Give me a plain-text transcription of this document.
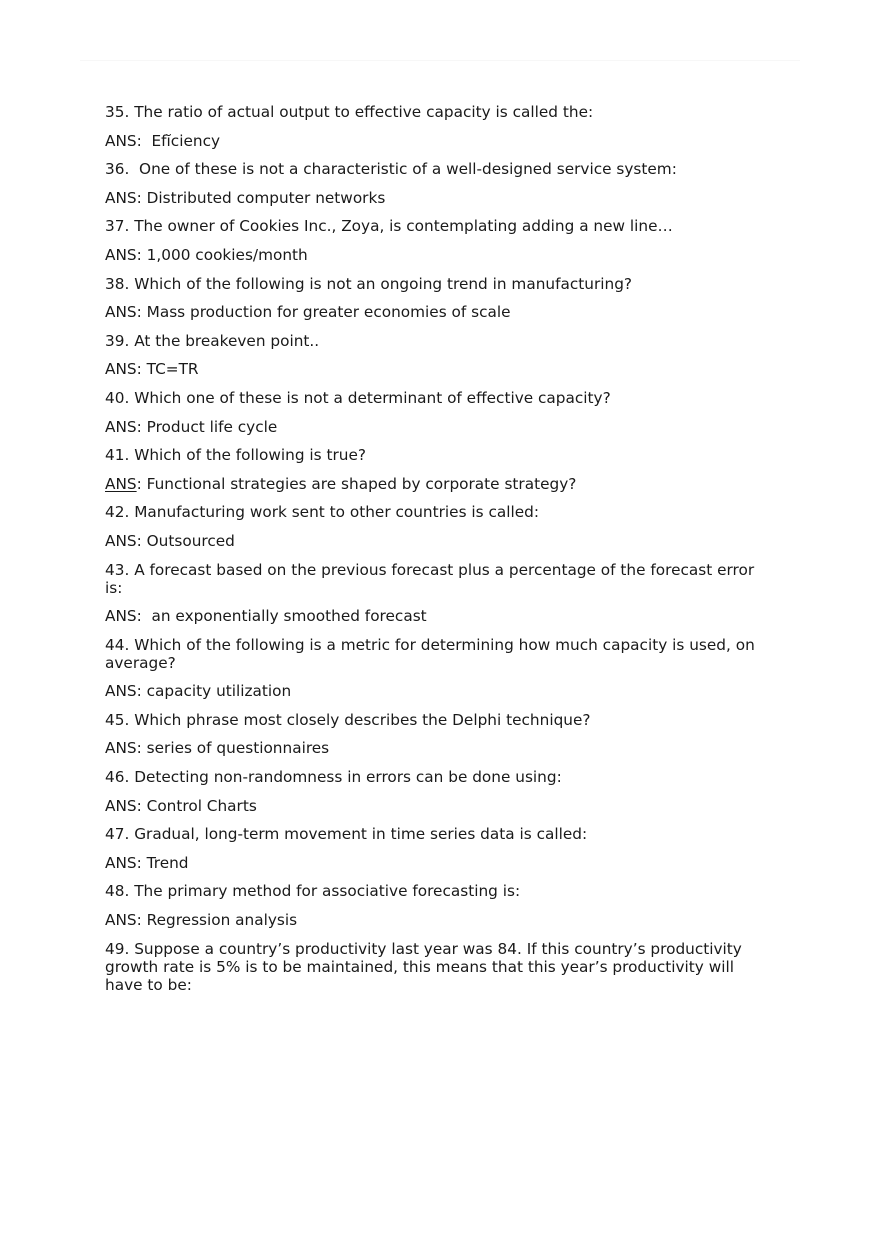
35. The ratio of actual output to effective capacity is called the:

ANS:  Efĭciency

36.  One of these is not a characteristic of a well-designed service system:

ANS: Distributed computer networks

37. The owner of Cookies Inc., Zoya, is contemplating adding a new line…

ANS: 1,000 cookies/month

38. Which of the following is not an ongoing trend in manufacturing?

ANS: Mass production for greater economies of scale

39. At the breakeven point..

ANS: TC=TR

40. Which one of these is not a determinant of effective capacity?

ANS: Product life cycle

41. Which of the following is true?

ANS: Functional strategies are shaped by corporate strategy?

42. Manufacturing work sent to other countries is called:

ANS: Outsourced

43. A forecast based on the previous forecast plus a percentage of the forecast error is:

ANS:  an exponentially smoothed forecast

44. Which of the following is a metric for determining how much capacity is used, on average?

ANS: capacity utilization

45. Which phrase most closely describes the Delphi technique?

ANS: series of questionnaires

46. Detecting non-randomness in errors can be done using:

ANS: Control Charts

47. Gradual, long-term movement in time series data is called:

ANS: Trend

48. The primary method for associative forecasting is:

ANS: Regression analysis

49. Suppose a country’s productivity last year was 84. If this country’s productivity growth rate is 5% is to be maintained, this means that this year’s productivity will have to be:
